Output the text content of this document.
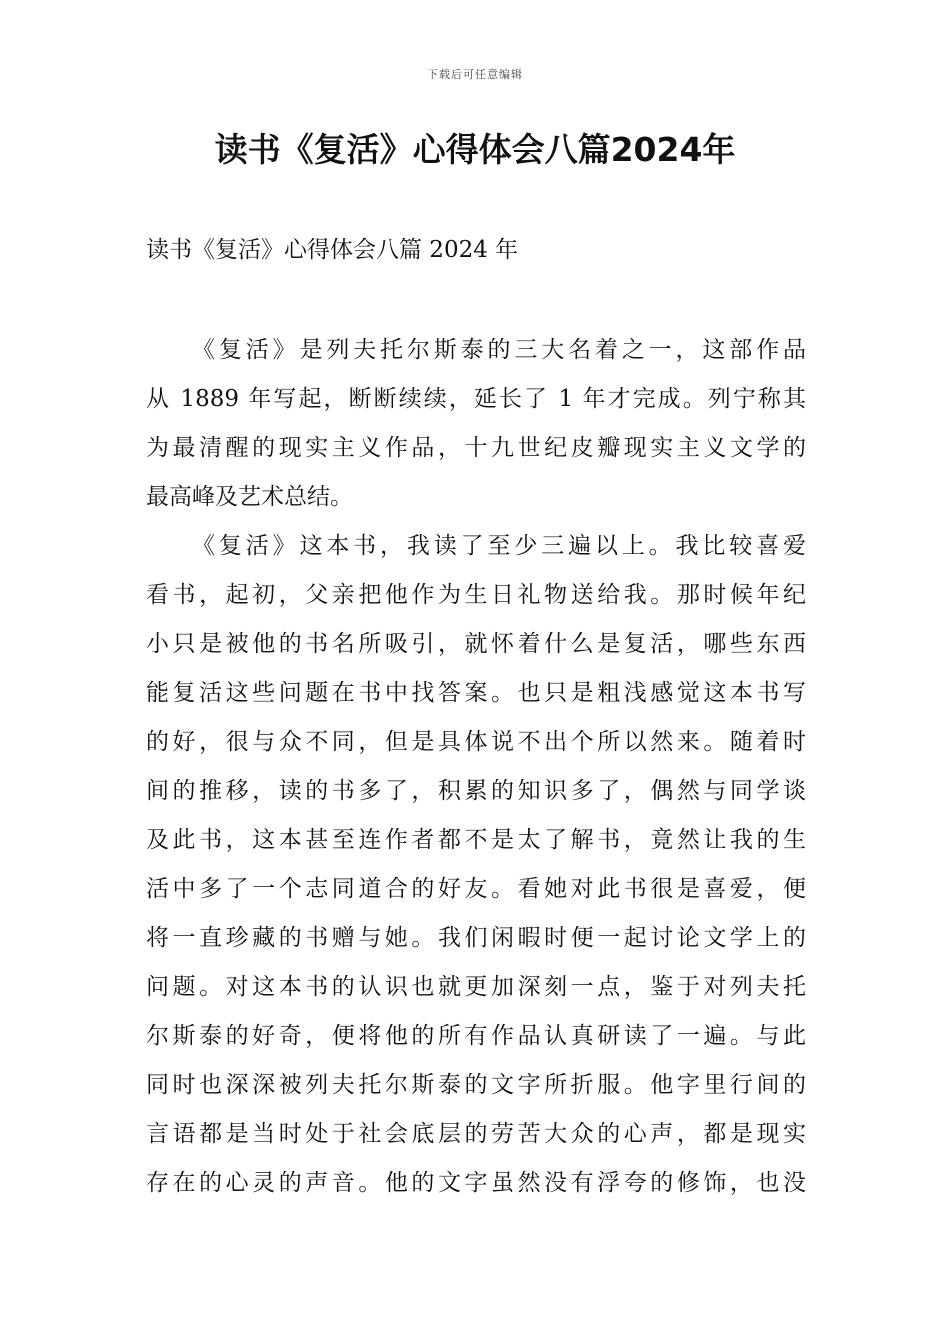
下载后可任意编辑
读书《复活》心得体会八篇2024年

读书《复活》心得体会八篇 2024 年

《复活》是列夫托尔斯泰的三大名着之一，这部作品
从 1889 年写起，断断续续，延长了 1 年才完成。列宁称其
为最清醒的现实主义作品，十九世纪皮瓣现实主义文学的
最高峰及艺术总结。

《复活》这本书，我读了至少三遍以上。我比较喜爱
看书，起初，父亲把他作为生日礼物送给我。那时候年纪
小只是被他的书名所吸引，就怀着什么是复活，哪些东西
能复活这些问题在书中找答案。也只是粗浅感觉这本书写
的好，很与众不同，但是具体说不出个所以然来。随着时
间的推移，读的书多了，积累的知识多了，偶然与同学谈
及此书，这本甚至连作者都不是太了解书，竟然让我的生
活中多了一个志同道合的好友。看她对此书很是喜爱，便
将一直珍藏的书赠与她。我们闲暇时便一起讨论文学上的
问题。对这本书的认识也就更加深刻一点，鉴于对列夫托
尔斯泰的好奇，便将他的所有作品认真研读了一遍。与此
同时也深深被列夫托尔斯泰的文字所折服。他字里行间的
言语都是当时处于社会底层的劳苦大众的心声，都是现实
存在的心灵的声音。他的文字虽然没有浮夸的修饰，也没
